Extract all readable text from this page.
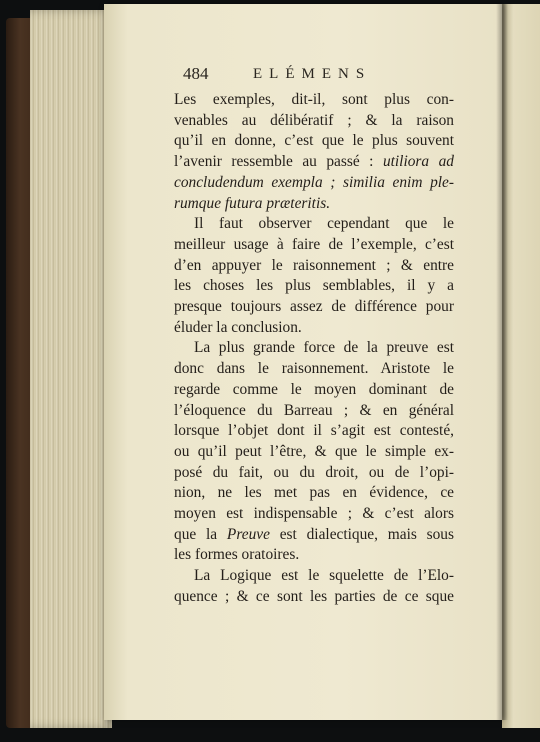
484	ELÉMENS
Les exemples, dit-il, sont plus con-
venables au délibératif ; & la raison
qu’il en donne, c’est que le plus souvent
l’avenir ressemble au passé : utiliora ad
concludendum exempla ; similia enim ple-
rumque futura præteritis.
Il faut observer cependant que le
meilleur usage à faire de l’exemple, c’est
d’en appuyer le raisonnement ; & entre
les choses les plus semblables, il y a
presque toujours assez de différence pour
éluder la conclusion.
La plus grande force de la preuve est
donc dans le raisonnement. Aristote le
regarde comme le moyen dominant de
l’éloquence du Barreau ; & en général
lorsque l’objet dont il s’agit est contesté,
ou qu’il peut l’être, & que le simple ex-
posé du fait, ou du droit, ou de l’opi-
nion, ne les met pas en évidence, ce
moyen est indispensable ; & c’est alors
que la Preuve est dialectique, mais sous
les formes oratoires.
La Logique est le squelette de l’Elo-
quence ; & ce sont les parties de ce sque
